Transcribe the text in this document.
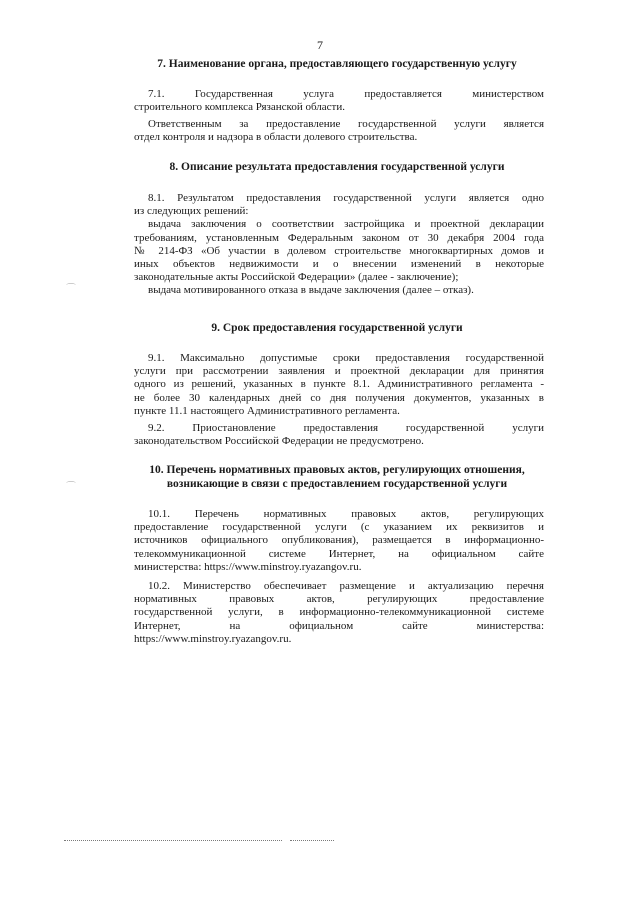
7
7. Наименование органа, предоставляющего государственную услугу
7.1. Государственная услуга предоставляется министерством
строительного комплекса Рязанской области.
Ответственным за предоставление государственной услуги является
отдел контроля и надзора в области долевого строительства.
8. Описание результата предоставления государственной услуги
8.1. Результатом предоставления государственной услуги является одно
из следующих решений:
выдача заключения о соответствии застройщика и проектной декларации
требованиям, установленным Федеральным законом от 30 декабря 2004 года
№ 214-ФЗ «Об участии в долевом строительстве многоквартирных домов и
иных объектов недвижимости и о внесении изменений в некоторые
законодательные акты Российской Федерации» (далее - заключение);
выдача мотивированного отказа в выдаче заключения (далее – отказ).
9. Срок предоставления государственной услуги
9.1. Максимально допустимые сроки предоставления государственной
услуги при рассмотрении заявления и проектной декларации для принятия
одного из решений, указанных в пункте 8.1. Административного регламента -
не более 30 календарных дней со дня получения документов, указанных в
пункте 11.1 настоящего Административного регламента.
9.2. Приостановление предоставления государственной услуги
законодательством Российской Федерации не предусмотрено.
10. Перечень нормативных правовых актов, регулирующих отношения,
возникающие в связи с предоставлением государственной услуги
10.1. Перечень нормативных правовых актов, регулирующих
предоставление государственной услуги (с указанием их реквизитов и
источников официального опубликования), размещается в информационно-
телекоммуникационной системе Интернет, на официальном сайте
министерства: https://www.minstroy.ryazangov.ru.
10.2. Министерство обеспечивает размещение и актуализацию перечня
нормативных правовых актов, регулирующих предоставление
государственной услуги, в информационно-телекоммуникационной системе
Интернет, на официальном сайте министерства:
https://www.minstroy.ryazangov.ru.
⌒
⌒
